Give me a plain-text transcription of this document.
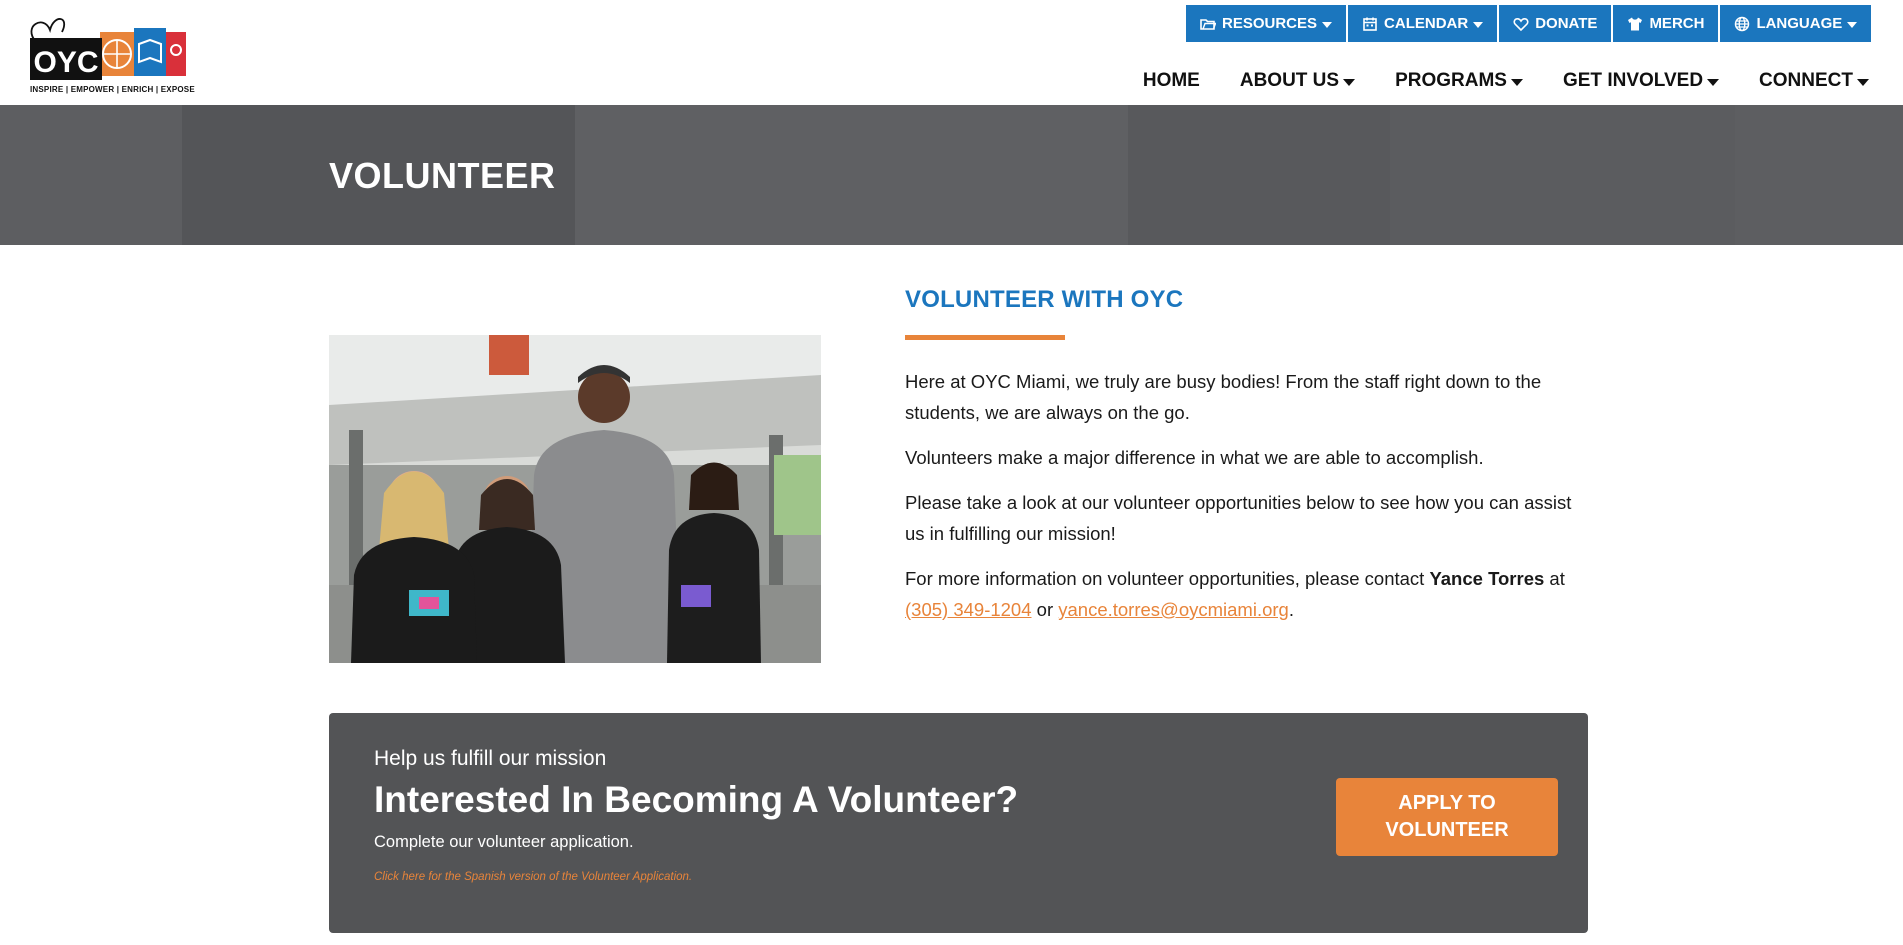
OYC
INSPIRE | EMPOWER | ENRICH | EXPOSE
RESOURCES	CALENDAR	DONATE	MERCH	LANGUAGE
HOME ABOUT US	PROGRAMS	GET INVOLVED	CONNECT
VOLUNTEER
VOLUNTEER WITH OYC

Here at OYC Miami, we truly are busy bodies! From the staff right down to the students, we are always on the go.

Volunteers make a major difference in what we are able to accomplish.

Please take a look at our volunteer opportunities below to see how you can assist us in fulfilling our mission!

For more information on volunteer opportunities, please contact Yance Torres at (305) 349-1204 or yance.torres@oycmiami.org.

Help us fulfill our mission
Interested In Becoming A Volunteer?
Complete our volunteer application.
Click here for the Spanish version of the Volunteer Application.
APPLY TO VOLUNTEER
